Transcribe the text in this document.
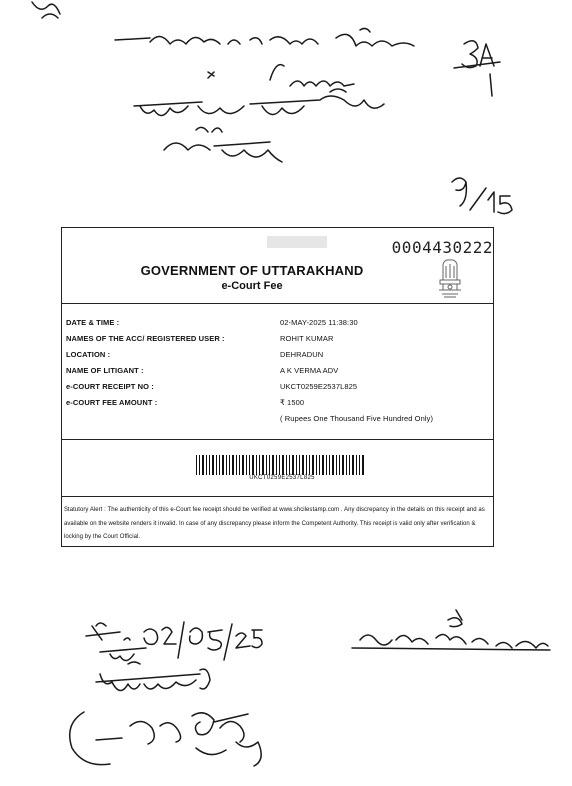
0004430222
GOVERNMENT OF UTTARAKHAND
e-Court Fee
DATE & TIME :	02-MAY-2025 11:38:30
NAMES OF THE ACC/ REGISTERED USER :	ROHIT KUMAR
LOCATION :	DEHRADUN
NAME OF LITIGANT :	A K VERMA ADV
e-COURT RECEIPT NO :	UKCT0259E2537L825
e-COURT FEE AMOUNT :	₹ 1500
( Rupees One Thousand Five Hundred Only)
UKCT0259E2537L825
Statutory Alert : The authenticity of this e-Court fee receipt should be verified at www.shcilestamp.com . Any discrepancy in the details on this receipt and as available on the website renders it invalid. In case of any discrepancy please inform the Competent Authority. This receipt is valid only after verification & locking by the Court Official.
